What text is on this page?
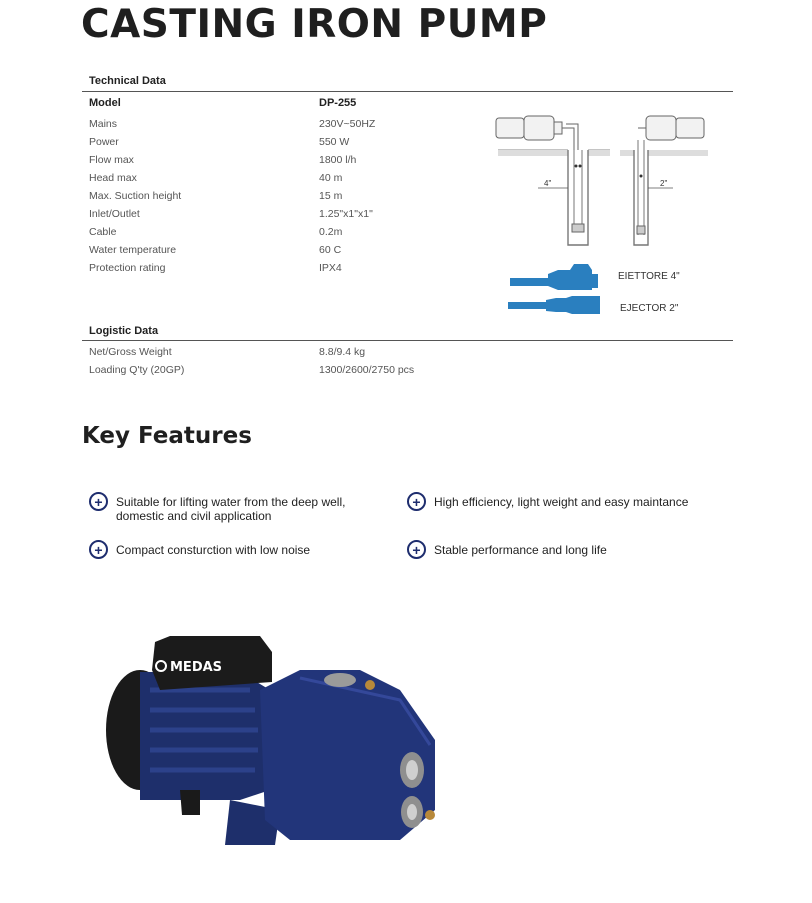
CASTING IRON PUMP
Technical Data
Model	DP-255
Mains	230V~50HZ
Power	550 W
Flow max	1800 l/h
Head max	40 m
Max. Suction height	15 m
Inlet/Outlet	1.25"x1"x1"
Cable	0.2m
Water temperature	60 C
Protection rating	IPX4
4"	2"
EIETTORE 4"
EJECTOR 2"
Logistic Data
Net/Gross Weight	8.8/9.4 kg
Loading Q'ty (20GP)	1300/2600/2750 pcs
Key Features
+ Suitable for lifting water from the deep well,
domestic and civil application
+ High efficiency, light weight and easy maintance
+ Compact consturction with low noise	+ Stable performance and long life
MEDAS
